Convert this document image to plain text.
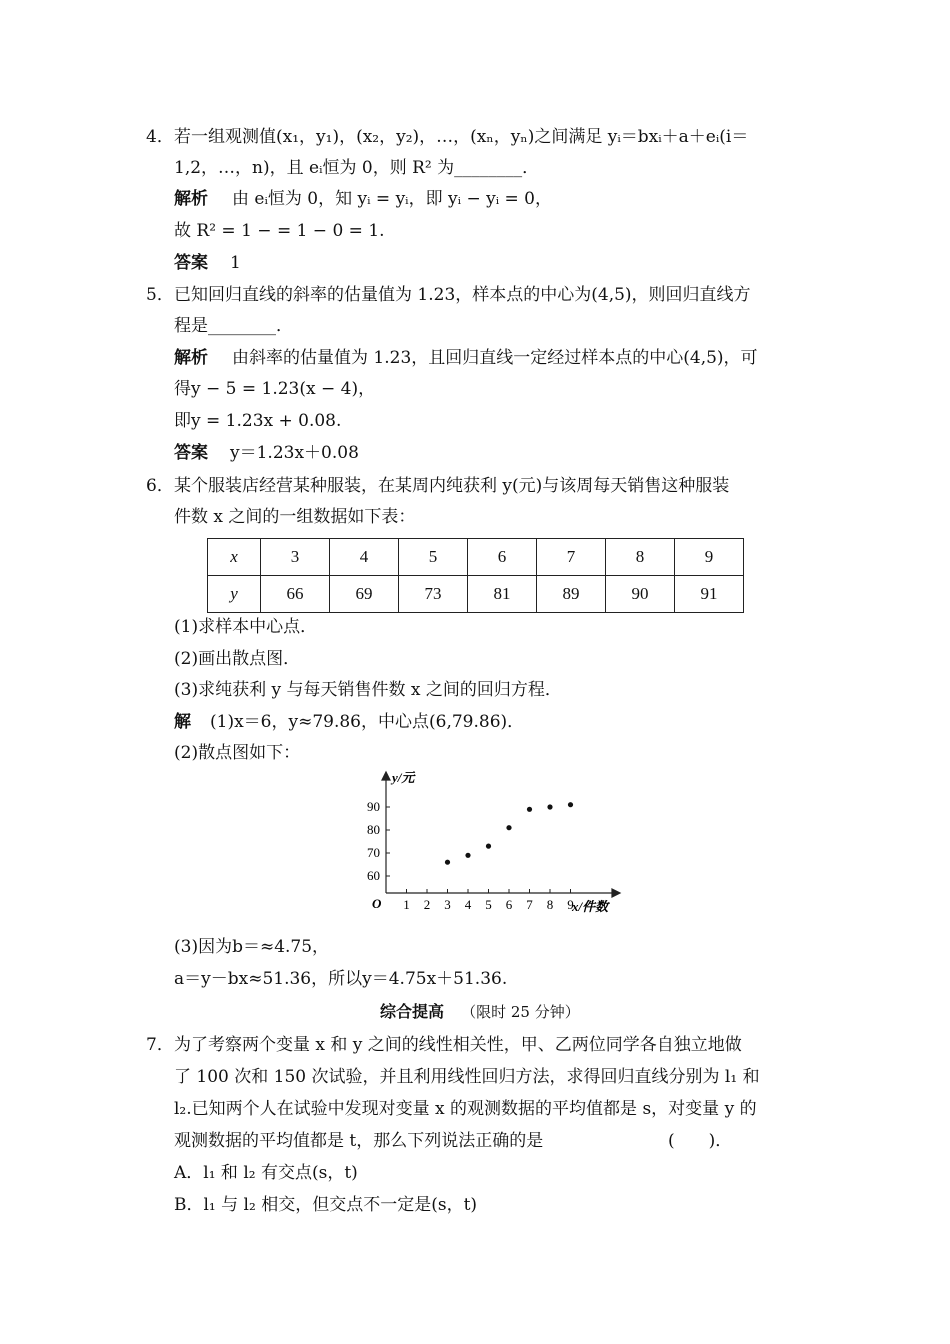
4． 若一组观测值(x₁，y₁)，(x₂，y₂)，…，(xₙ，yₙ)之间满足 yᵢ＝bxᵢ＋a＋eᵢ(i＝
1,2，…，n)，且 eᵢ恒为 0，则 R² 为________．
解析 由 eᵢ恒为 0，知 yᵢ = yᵢ，即 yᵢ − yᵢ = 0，
故 R² = 1 − = 1 − 0 = 1.
答案 1
5． 已知回归直线的斜率的估量值为 1.23，样本点的中心为(4,5)，则回归直线方
程是________．
解析 由斜率的估量值为 1.23，且回归直线一定经过样本点的中心(4,5)，可
得y − 5 = 1.23(x − 4)，
即y = 1.23x + 0.08.
答案 y＝1.23x＋0.08
6． 某个服装店经营某种服装，在某周内纯获利 y(元)与该周每天销售这种服装
件数 x 之间的一组数据如下表：
x	3	4	5	6	7	8	9
y	66	69	73	81	89	90	91
(1)求样本中心点．
(2)画出散点图．
(3)求纯获利 y 与每天销售件数 x 之间的回归方程．
解 (1)x＝6，y≈79.86，中心点(6,79.86)．
(2)散点图如下：
O 1 2 3 4 5 6 7 8 9
60
70
80
90
y/元
x/件数
(3)因为b＝≈4.75，
a＝y－bx≈51.36，所以y＝4.75x＋51.36.
综合提高 （限时 25 分钟）
7． 为了考察两个变量 x 和 y 之间的线性相关性，甲、乙两位同学各自独立地做
了 100 次和 150 次试验，并且利用线性回归方法，求得回归直线分别为 l₁ 和
l₂.已知两个人在试验中发现对变量 x 的观测数据的平均值都是 s，对变量 y 的
观测数据的平均值都是 t，那么下列说法正确的是	(　　)．
A．l₁ 和 l₂ 有交点(s，t)
B．l₁ 与 l₂ 相交，但交点不一定是(s，t)
